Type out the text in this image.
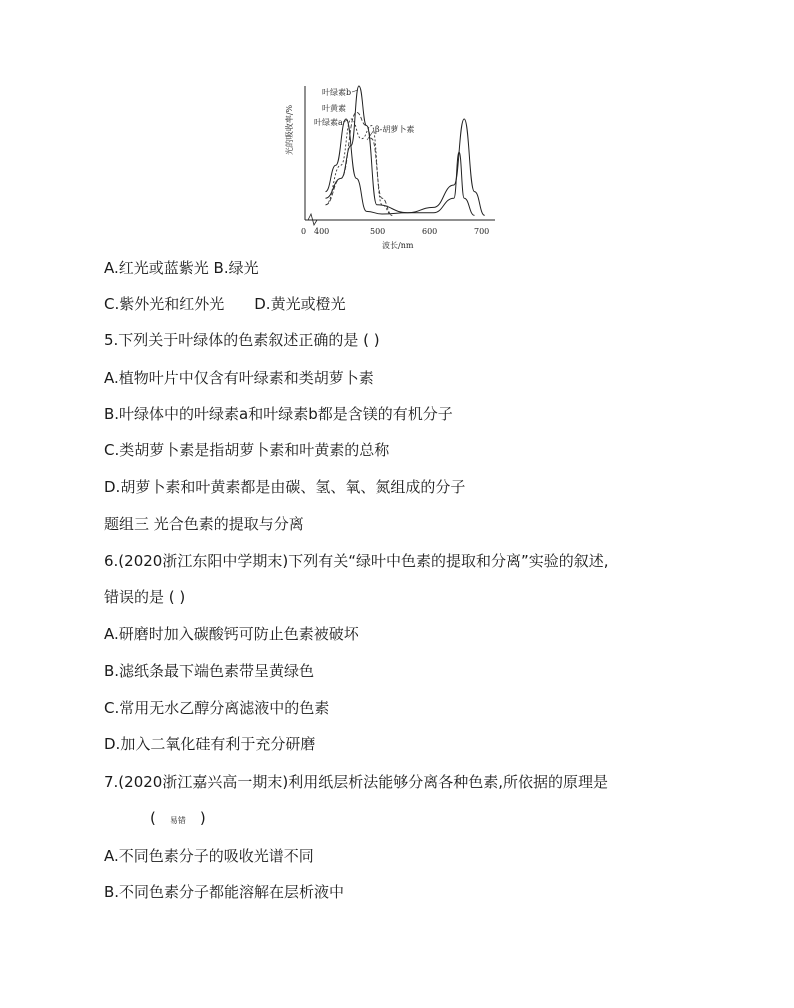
光的吸收率/%
0 400	500	600	700
波长/nm
叶绿素b
叶黄素
叶绿素a
β-胡萝卜素
A.红光或蓝紫光 B.绿光
C.紫外光和红外光 D.黄光或橙光
5.下列关于叶绿体的色素叙述正确的是 ( )
A.植物叶片中仅含有叶绿素和类胡萝卜素
B.叶绿体中的叶绿素a和叶绿素b都是含镁的有机分子
C.类胡萝卜素是指胡萝卜素和叶黄素的总称
D.胡萝卜素和叶黄素都是由碳、氢、氧、氮组成的分子
题组三 光合色素的提取与分离
6.(2020浙江东阳中学期末)下列有关“绿叶中色素的提取和分离”实验的叙述,
错误的是 ( )
A.研磨时加入碳酸钙可防止色素被破坏
B.滤纸条最下端色素带呈黄绿色
C.常用无水乙醇分离滤液中的色素
D.加入二氧化硅有利于充分研磨
7.(2020浙江嘉兴高一期末)利用纸层析法能够分离各种色素,所依据的原理是
( 易错 )
A.不同色素分子的吸收光谱不同
B.不同色素分子都能溶解在层析液中
